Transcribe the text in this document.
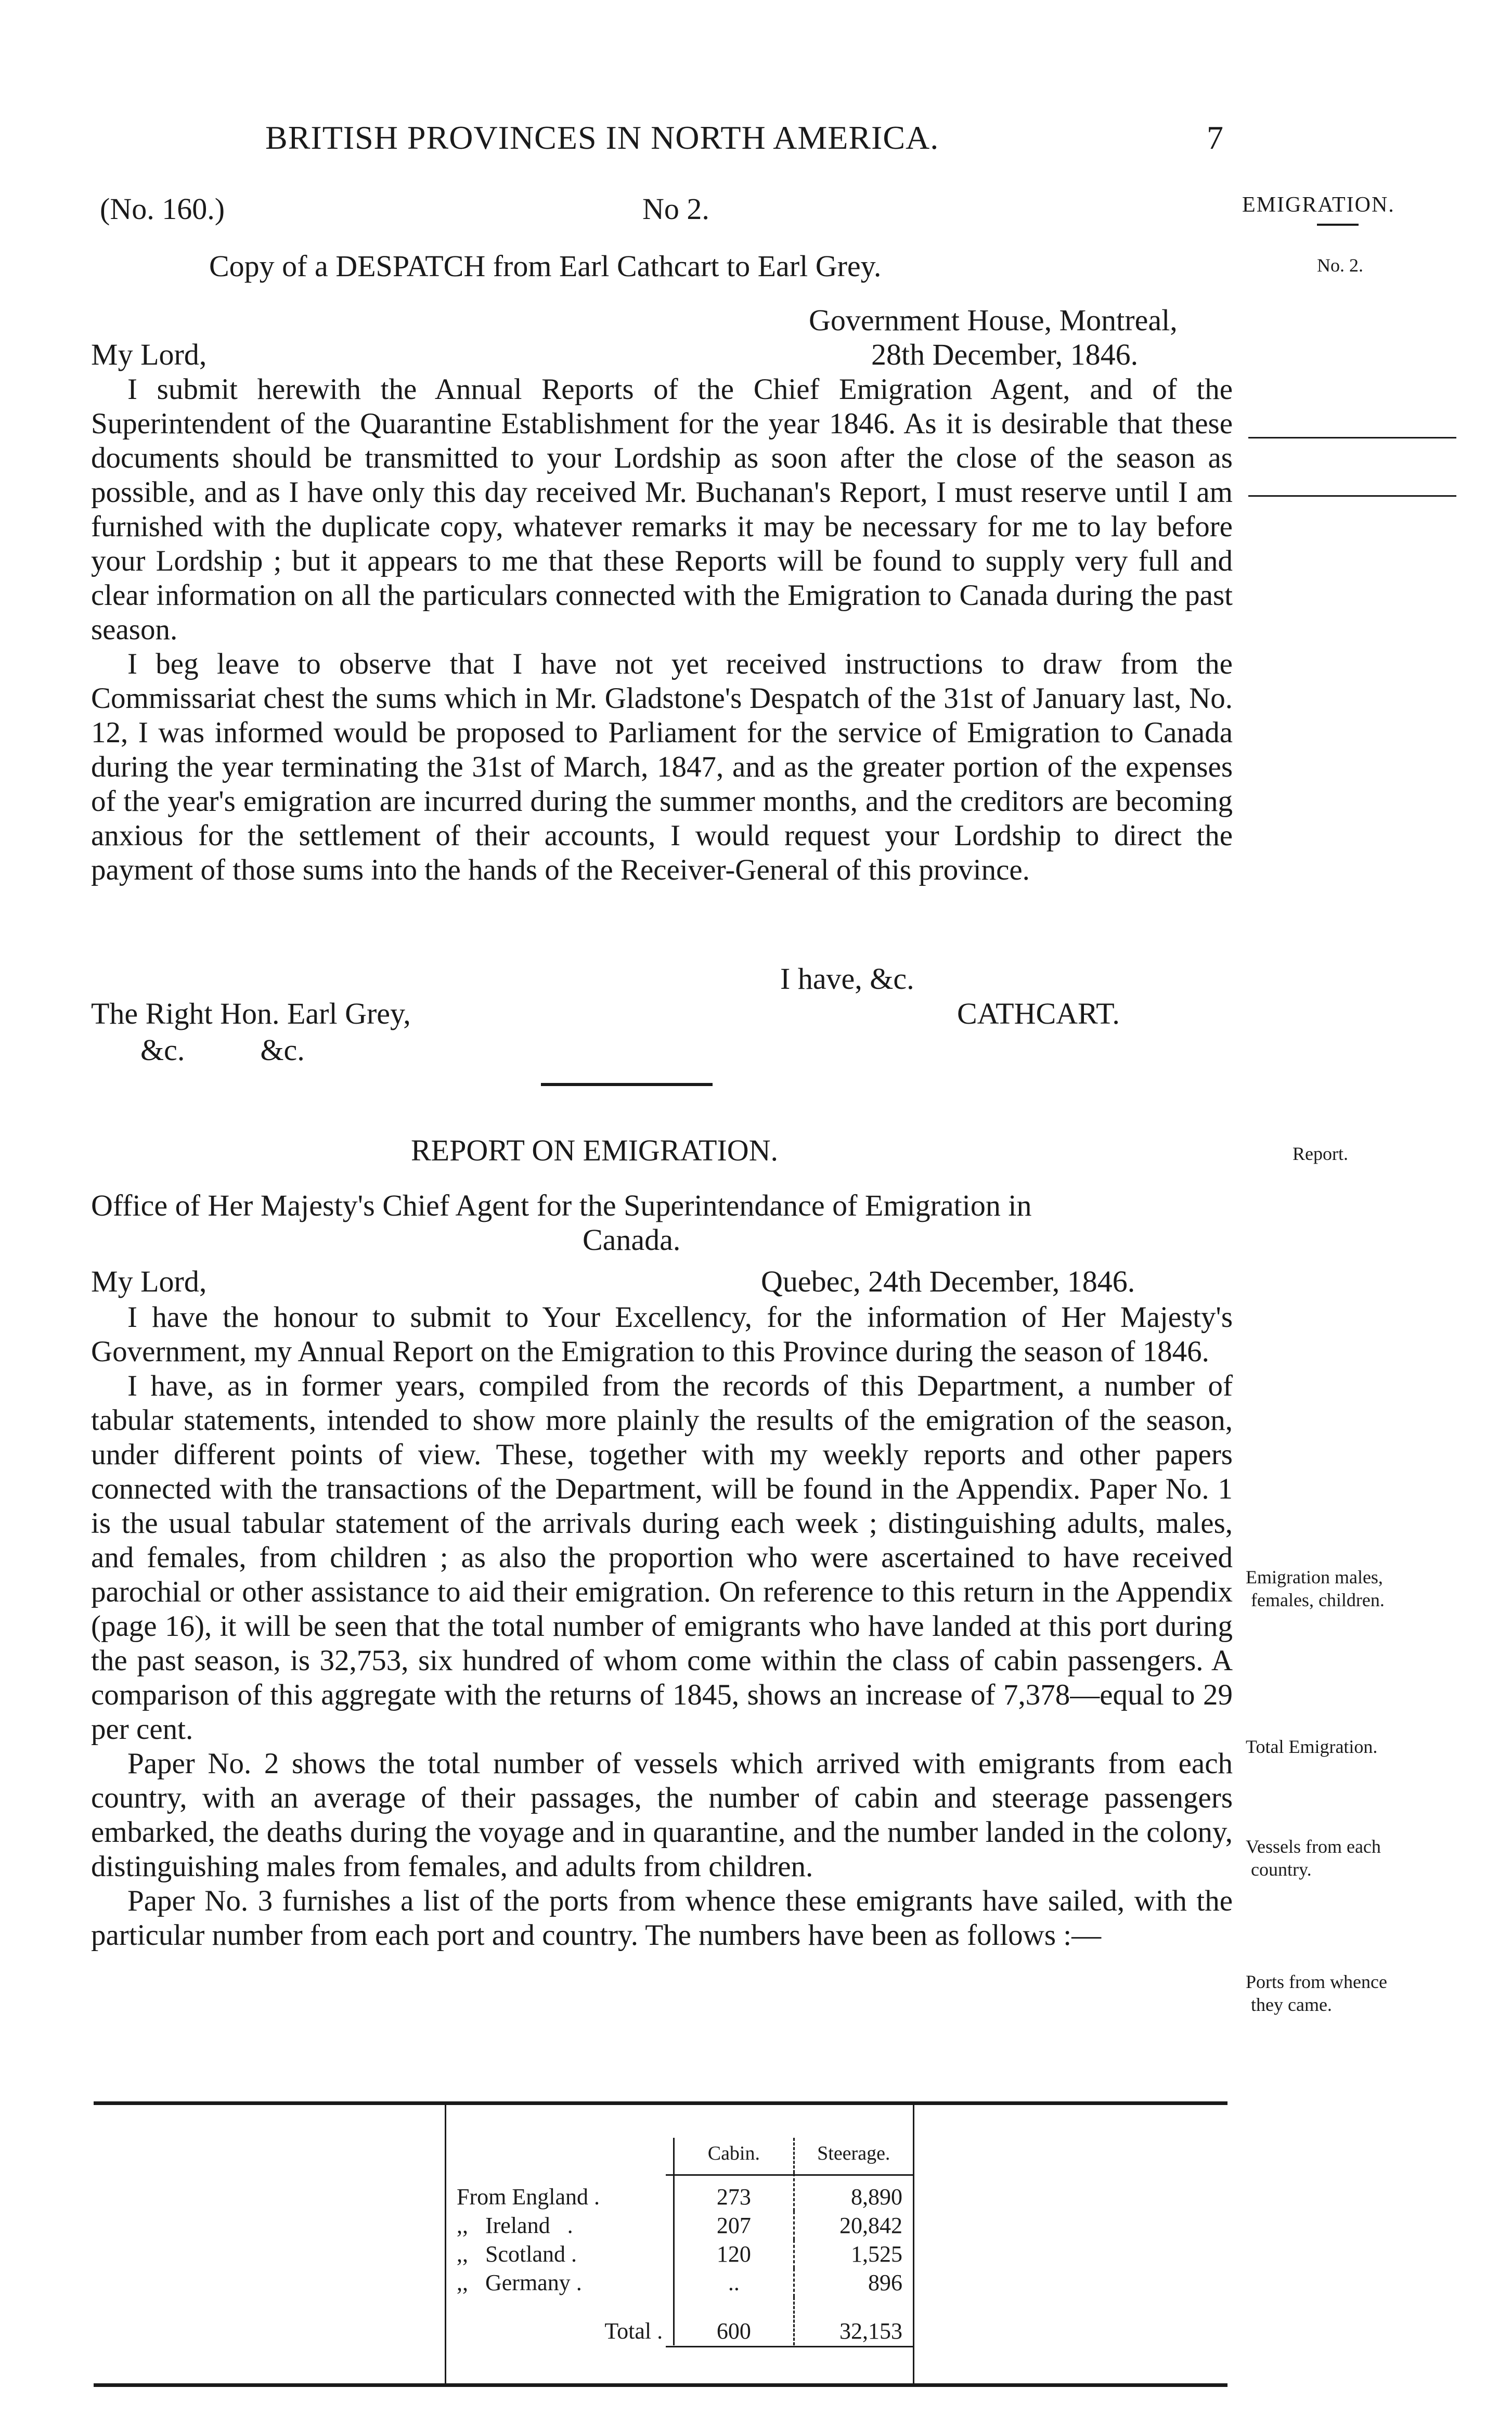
BRITISH PROVINCES IN NORTH AMERICA.	7
(No. 160.)	No 2.
Copy of a DESPATCH from Earl Cathcart to Earl Grey.
EMIGRATION.
No. 2.
Government House, Montreal,
My Lord,	28th December, 1846.

I submit herewith the Annual Reports of the Chief Emigration Agent, and of the Superintendent of the Quarantine Establishment for the year 1846. As it is desirable that these documents should be transmitted to your Lordship as soon after the close of the season as possible, and as I have only this day received Mr. Buchanan's Report, I must reserve until I am furnished with the duplicate copy, whatever remarks it may be necessary for me to lay before your Lordship ; but it appears to me that these Reports will be found to supply very full and clear information on all the particulars connected with the Emigration to Canada during the past season.

I beg leave to observe that I have not yet received instructions to draw from the Commissariat chest the sums which in Mr. Gladstone's Despatch of the 31st of January last, No. 12, I was informed would be proposed to Parliament for the service of Emigration to Canada during the year terminating the 31st of March, 1847, and as the greater portion of the expenses of the year's emigration are incurred during the summer months, and the creditors are becoming anxious for the settlement of their accounts, I would request your Lordship to direct the payment of those sums into the hands of the Receiver-General of this province.

I have, &c.
The Right Hon. Earl Grey,	CATHCART.
&c.          &c.
REPORT ON EMIGRATION.	Report.
Office of Her Majesty's Chief Agent for the Superintendance of Emigration in
Canada.
My Lord,	Quebec, 24th December, 1846.

I have the honour to submit to Your Excellency, for the information of Her Majesty's Government, my Annual Report on the Emigration to this Province during the season of 1846.

I have, as in former years, compiled from the records of this Department, a number of tabular statements, intended to show more plainly the results of the emigration of the season, under different points of view. These, together with my weekly reports and other papers connected with the transactions of the Department, will be found in the Appendix. Paper No. 1 is the usual tabular statement of the arrivals during each week ; distinguishing adults, males, and females, from children ; as also the proportion who were ascertained to have received parochial or other assistance to aid their emigration. On reference to this return in the Appendix (page 16), it will be seen that the total number of emigrants who have landed at this port during the past season, is 32,753, six hundred of whom come within the class of cabin passengers. A comparison of this aggregate with the returns of 1845, shows an increase of 7,378—equal to 29 per cent.

Paper No. 2 shows the total number of vessels which arrived with emigrants from each country, with an average of their passages, the number of cabin and steerage passengers embarked, the deaths during the voyage and in quarantine, and the number landed in the colony, distinguishing males from females, and adults from children.

Paper No. 3 furnishes a list of the ports from whence these emigrants have sailed, with the particular number from each port and country. The numbers have been as follows :—

Emigration males,
females, children.
Total Emigration.
Vessels from each
country.
Ports from whence
they came.
	Cabin.	Steerage.
From England .	273	8,890
,,   Ireland   .	207	20,842
,,   Scotland .	120	1,525
,,   Germany .	..	896
Total .	600	32,153
